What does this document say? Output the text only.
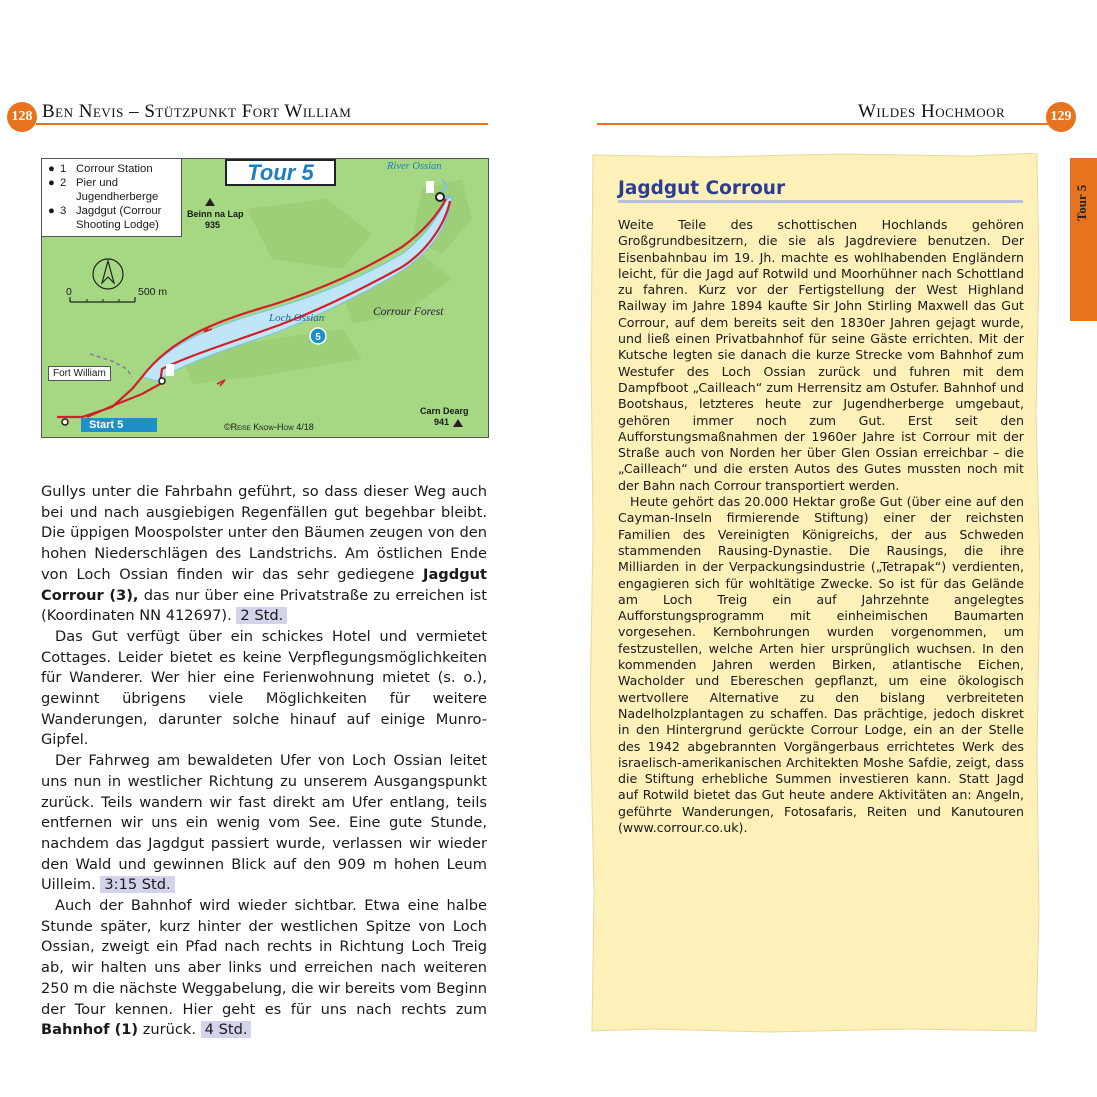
128 Ben Nevis – Stützpunkt Fort William	Wildes Hochmoor	129
5
● 1 Corrour Station
● 2 Pier und Jugendherberge
● 3 Jagdgut (Corrour Shooting Lodge)
Tour 5	River Ossian
Beinn na Lap
935
0	500 m
Loch Ossian	Corrour Forest
Fort William
Start 5	©Reise Know-How 4/18
Carn Dearg
941

Gullys unter die Fahrbahn geführt, so dass dieser Weg auch bei und nach ausgiebigen Regenfällen gut begehbar bleibt. Die üppigen Moospolster unter den Bäumen zeugen von den hohen Niederschlägen des Landstrichs. Am östlichen Ende von Loch Ossian finden wir das sehr gediegene Jagdgut Corrour (3), das nur über eine Privatstraße zu erreichen ist (Koordinaten NN 412697). 2 Std.

Das Gut verfügt über ein schickes Hotel und vermietet Cottages. Leider bietet es keine Verpflegungsmöglichkeiten für Wanderer. Wer hier eine Ferienwohnung mietet (s. o.), gewinnt übrigens viele Möglichkeiten für weitere Wanderungen, darunter solche hinauf auf einige Munro-Gipfel.

Der Fahrweg am bewaldeten Ufer von Loch Ossian leitet uns nun in westlicher Richtung zu unserem Ausgangspunkt zurück. Teils wandern wir fast direkt am Ufer entlang, teils entfernen wir uns ein wenig vom See. Eine gute Stunde, nachdem das Jagdgut passiert wurde, verlassen wir wieder den Wald und gewinnen Blick auf den 909 m hohen Leum Uilleim. 3:15 Std.

Auch der Bahnhof wird wieder sichtbar. Etwa eine halbe Stunde später, kurz hinter der westlichen Spitze von Loch Ossian, zweigt ein Pfad nach rechts in Richtung Loch Treig ab, wir halten uns aber links und erreichen nach weiteren 250 m die nächste Weggabelung, die wir bereits vom Beginn der Tour kennen. Hier geht es für uns nach rechts zum Bahnhof (1) zurück. 4 Std.

Tour 5
Jagdgut Corrour

Weite Teile des schottischen Hochlands gehören Großgrundbesitzern, die sie als Jagdreviere benutzen. Der Eisenbahnbau im 19. Jh. machte es wohlhabenden Engländern leicht, für die Jagd auf Rotwild und Moorhühner nach Schottland zu fahren. Kurz vor der Fertigstellung der West Highland Railway im Jahre 1894 kaufte Sir John Stirling Maxwell das Gut Corrour, auf dem bereits seit den 1830er Jahren gejagt wurde, und ließ einen Privatbahnhof für seine Gäste errichten. Mit der Kutsche legten sie danach die kurze Strecke vom Bahnhof zum Westufer des Loch Ossian zurück und fuhren mit dem Dampfboot „Cailleach“ zum Herrensitz am Ostufer. Bahnhof und Bootshaus, letzteres heute zur Jugendherberge umgebaut, gehören immer noch zum Gut. Erst seit den Aufforstungsmaßnahmen der 1960er Jahre ist Corrour mit der Straße auch von Norden her über Glen Ossian erreichbar – die „Cailleach“ und die ersten Autos des Gutes mussten noch mit der Bahn nach Corrour transportiert werden.

Heute gehört das 20.000 Hektar große Gut (über eine auf den Cayman-Inseln firmierende Stiftung) einer der reichsten Familien des Vereinigten Königreichs, der aus Schweden stammenden Rausing-Dynastie. Die Rausings, die ihre Milliarden in der Verpackungsindustrie („Tetrapak“) verdienten, engagieren sich für wohltätige Zwecke. So ist für das Gelände am Loch Treig ein auf Jahrzehnte angelegtes Aufforstungsprogramm mit einheimischen Baumarten vorgesehen. Kernbohrungen wurden vorgenommen, um festzustellen, welche Arten hier ursprünglich wuchsen. In den kommenden Jahren werden Birken, atlantische Eichen, Wacholder und Ebereschen gepflanzt, um eine ökologisch wertvollere Alternative zu den bislang verbreiteten Nadelholzplantagen zu schaffen. Das prächtige, jedoch diskret in den Hintergrund gerückte Corrour Lodge, ein an der Stelle des 1942 abgebrannten Vorgängerbaus errichtetes Werk des israelisch-amerikanischen Architekten Moshe Safdie, zeigt, dass die Stiftung erhebliche Summen investieren kann. Statt Jagd auf Rotwild bietet das Gut heute andere Aktivitäten an: Angeln, geführte Wanderungen, Fotosafaris, Reiten und Kanutouren (www.corrour.co.uk).
